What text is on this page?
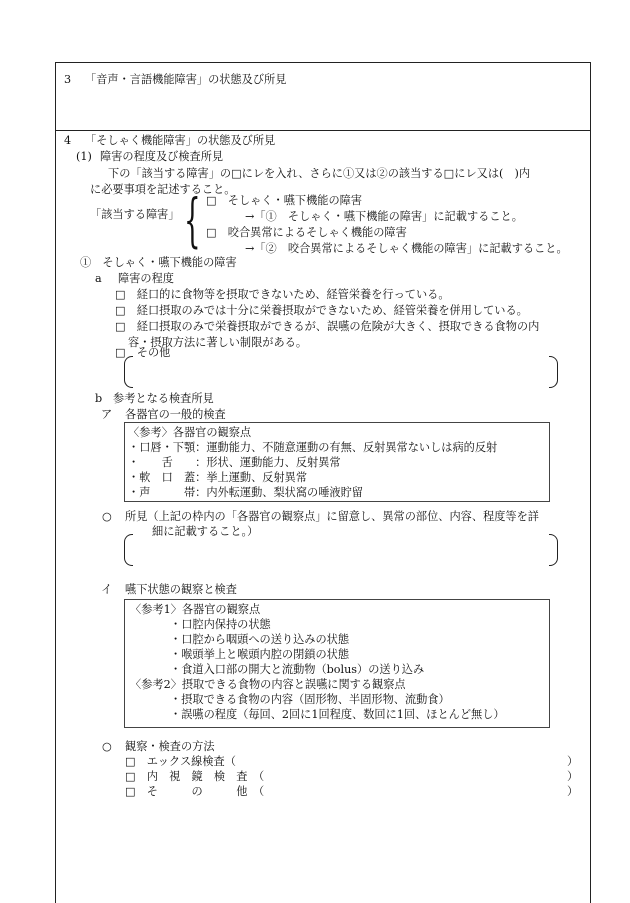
3 「音声・言語機能障害」の状態及び所見
4 「そしゃく機能障害」の状態及び所見
(1) 障害の程度及び検査所見
下の「該当する障害」の□にレを入れ、さらに①又は②の該当する□にレ又は(　)内
に必要事項を記述すること。
「該当する障害」 { □　そしゃく・嚥下機能の障害
→「①　そしゃく・嚥下機能の障害」に記載すること。
□　咬合異常によるそしゃく機能の障害
→「②　咬合異常によるそしゃく機能の障害」に記載すること。
①　そしゃく・嚥下機能の障害
a 障害の程度
□　経口的に食物等を摂取できないため、経管栄養を行っている。
□　経口摂取のみでは十分に栄養摂取ができないため、経管栄養を併用している。
□　経口摂取のみで栄養摂取ができるが、誤嚥の危険が大きく、摂取できる食物の内
容・摂取方法に著しい制限がある。
□　その他
b 参考となる検査所見
ア 各器官の一般的検査
〈参考〉各器官の観察点
・口唇・下顎：運動能力、不随意運動の有無、反射異常ないしは病的反射
・　　舌　　：形状、運動能力、反射異常
・軟　口　蓋：挙上運動、反射異常
・声　　　帯：内外転運動、梨状窩の唾液貯留
○ 所見（上記の枠内の「各器官の観察点」に留意し、異常の部位、内容、程度等を詳
細に記載すること。）
イ 嚥下状態の観察と検査
〈参考1〉各器官の観察点
・口腔内保持の状態
・口腔から咽頭への送り込みの状態
・喉頭挙上と喉頭内腔の閉鎖の状態
・食道入口部の開大と流動物（bolus）の送り込み
〈参考2〉摂取できる食物の内容と誤嚥に関する観察点
・摂取できる食物の内容（固形物、半固形物、流動食）
・誤嚥の程度（毎回、2回に1回程度、数回に1回、ほとんど無し）
○ 観察・検査の方法
□　エックス線検査（	）
□　内　視　鏡　検　査　（	）
□　そ　　　の　　　他　（	）
